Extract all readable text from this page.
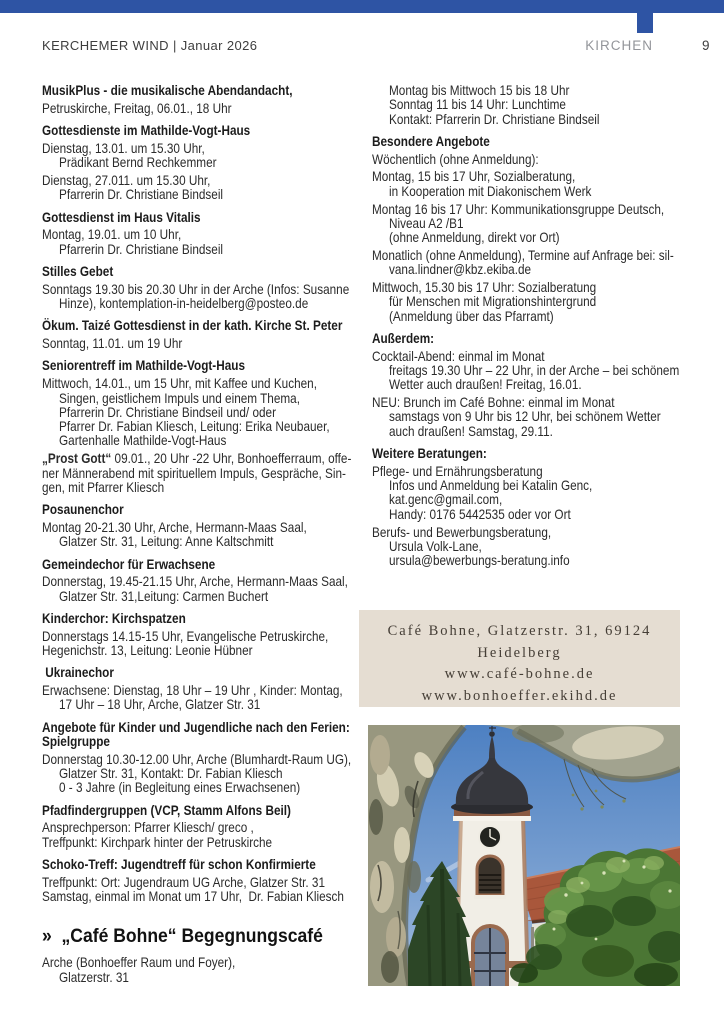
KERCHEMER WIND | Januar 2026	KIRCHEN	9
MusikPlus - die musikalische Abendandacht,
Petruskirche, Freitag, 06.01., 18 Uhr
Gottesdienste im Mathilde-Vogt-Haus
Dienstag, 13.01. um 15.30 Uhr,
Prädikant Bernd Rechkemmer
Dienstag, 27.011. um 15.30 Uhr,
Pfarrerin Dr. Christiane Bindseil
Gottesdienst im Haus Vitalis
Montag, 19.01. um 10 Uhr,
Pfarrerin Dr. Christiane Bindseil
Stilles Gebet
Sonntags 19.30 bis 20.30 Uhr in der Arche (Infos: Susanne
Hinze), kontemplation-in-heidelberg@posteo.de
Ökum. Taizé Gottesdienst in der kath. Kirche St. Peter
Sonntag, 11.01. um 19 Uhr
Seniorentreff im Mathilde-Vogt-Haus
Mittwoch, 14.01., um 15 Uhr, mit Kaffee und Kuchen,
Singen, geistlichem Impuls und einem Thema,
Pfarrerin Dr. Christiane Bindseil und/ oder
Pfarrer Dr. Fabian Kliesch, Leitung: Erika Neubauer,
Gartenhalle Mathilde-Vogt-Haus
„Prost Gott“ 09.01., 20 Uhr -22 Uhr, Bonhoefferraum, offe-
ner Männerabend mit spirituellem Impuls, Gespräche, Sin-
gen, mit Pfarrer Kliesch
Posaunenchor
Montag 20-21.30 Uhr, Arche, Hermann-Maas Saal,
Glatzer Str. 31, Leitung: Anne Kaltschmitt
Gemeindechor für Erwachsene
Donnerstag, 19.45-21.15 Uhr, Arche, Hermann-Maas Saal,
Glatzer Str. 31,Leitung: Carmen Buchert
Kinderchor: Kirchspatzen
Donnerstags 14.15-15 Uhr, Evangelische Petruskirche,
Hegenichstr. 13, Leitung: Leonie Hübner
Ukrainechor
Erwachsene: Dienstag, 18 Uhr – 19 Uhr , Kinder: Montag,
17 Uhr – 18 Uhr, Arche, Glatzer Str. 31
Angebote für Kinder und Jugendliche nach den Ferien:
Spielgruppe
Donnerstag 10.30-12.00 Uhr, Arche (Blumhardt-Raum UG),
Glatzer Str. 31, Kontakt: Dr. Fabian Kliesch
0 - 3 Jahre (in Begleitung eines Erwachsenen)
Pfadfindergruppen (VCP, Stamm Alfons Beil)
Ansprechperson: Pfarrer Kliesch/ greco ,
Treffpunkt: Kirchpark hinter der Petruskirche
Schoko-Treff: Jugendtreff für schon Konfirmierte
Treffpunkt: Ort: Jugendraum UG Arche, Glatzer Str. 31
Samstag, einmal im Monat um 17 Uhr,  Dr. Fabian Kliesch
»  „Café Bohne“ Begegnungscafé
Arche (Bonhoeffer Raum und Foyer),
Glatzerstr. 31
Montag bis Mittwoch 15 bis 18 Uhr
Sonntag 11 bis 14 Uhr: Lunchtime
Kontakt: Pfarrerin Dr. Christiane Bindseil
Besondere Angebote
Wöchentlich (ohne Anmeldung):
Montag, 15 bis 17 Uhr, Sozialberatung,
in Kooperation mit Diakonischem Werk
Montag 16 bis 17 Uhr: Kommunikationsgruppe Deutsch,
Niveau A2 /B1
(ohne Anmeldung, direkt vor Ort)
Monatlich (ohne Anmeldung), Termine auf Anfrage bei: sil-
vana.lindner@kbz.ekiba.de
Mittwoch, 15.30 bis 17 Uhr: Sozialberatung
für Menschen mit Migrationshintergrund
(Anmeldung über das Pfarramt)
Außerdem:
Cocktail-Abend: einmal im Monat
freitags 19.30 Uhr – 22 Uhr, in der Arche – bei schönem
Wetter auch draußen! Freitag, 16.01.
NEU: Brunch im Café Bohne: einmal im Monat
samstags von 9 Uhr bis 12 Uhr, bei schönem Wetter
auch draußen! Samstag, 29.11.
Weitere Beratungen:
Pflege- und Ernährungsberatung
Infos und Anmeldung bei Katalin Genc,
kat.genc@gmail.com,
Handy: 0176 5442535 oder vor Ort
Berufs- und Bewerbungsberatung,
Ursula Volk-Lane,
ursula@bewerbungs-beratung.info
Café Bohne, Glatzerstr. 31, 69124
Heidelberg
www.café-bohne.de
www.bonhoeffer.ekihd.de
